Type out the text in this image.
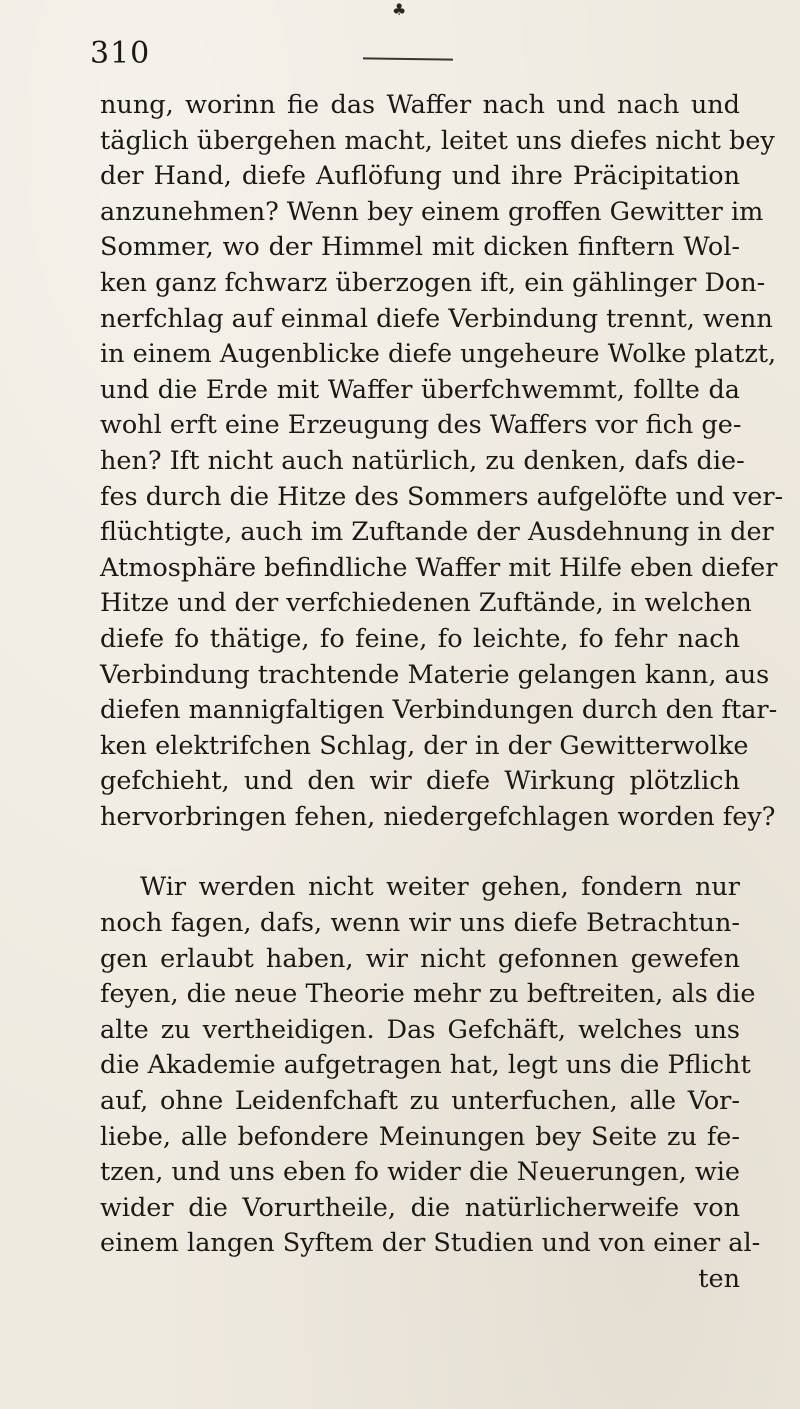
♣
310
nung, worinn fie das Waffer nach und nach und
täglich übergehen macht, leitet uns diefes nicht bey
der Hand, diefe Auflöfung und ihre Präcipitation
anzunehmen? Wenn bey einem groffen Gewitter im
Sommer, wo der Himmel mit dicken finftern Wol-
ken ganz fchwarz überzogen ift, ein gählinger Don-
nerfchlag auf einmal diefe Verbindung trennt, wenn
in einem Augenblicke diefe ungeheure Wolke platzt,
und die Erde mit Waffer überfchwemmt, follte da
wohl erft eine Erzeugung des Waffers vor fich ge-
hen? Ift nicht auch natürlich, zu denken, dafs die-
fes durch die Hitze des Sommers aufgelöfte und ver-
flüchtigte, auch im Zuftande der Ausdehnung in der
Atmosphäre befindliche Waffer mit Hilfe eben diefer
Hitze und der verfchiedenen Zuftände, in welchen
diefe fo thätige, fo feine, fo leichte, fo fehr nach
Verbindung trachtende Materie gelangen kann, aus
diefen mannigfaltigen Verbindungen durch den ftar-
ken elektrifchen Schlag, der in der Gewitterwolke
gefchieht, und den wir diefe Wirkung plötzlich
hervorbringen fehen, niedergefchlagen worden fey?
Wir werden nicht weiter gehen, fondern nur
noch fagen, dafs, wenn wir uns diefe Betrachtun-
gen erlaubt haben, wir nicht gefonnen gewefen
feyen, die neue Theorie mehr zu beftreiten, als die
alte zu vertheidigen. Das Gefchäft, welches uns
die Akademie aufgetragen hat, legt uns die Pflicht
auf, ohne Leidenfchaft zu unterfuchen, alle Vor-
liebe, alle befondere Meinungen bey Seite zu fe-
tzen, und uns eben fo wider die Neuerungen, wie
wider die Vorurtheile, die natürlicherweife von
einem langen Syftem der Studien und von einer al-
ten
